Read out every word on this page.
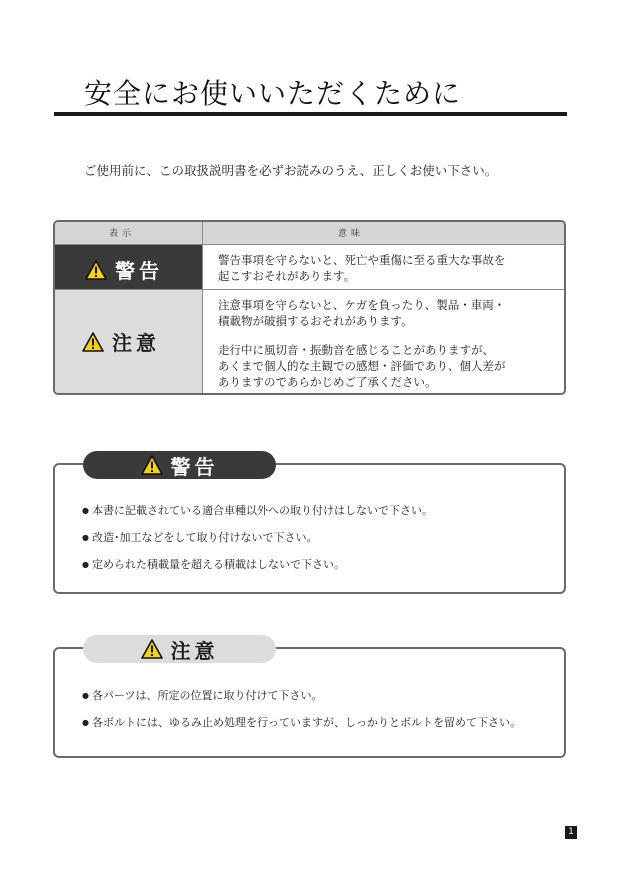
安全にお使いいただくために
ご使用前に、この取扱説明書を必ずお読みのうえ、正しくお使い下さい。
表示	意味
警告
注意

警告事項を守らないと、死亡や重傷に至る重大な事故を

起こすおそれがあります。

注意事項を守らないと、ケガを負ったり、製品・車両・

積載物が破損するおそれがあります。

走行中に風切音・振動音を感じることがありますが、

あくまで個人的な主観での感想・評価であり、個人差が

ありますのであらかじめご了承ください。

警告
● 本書に記載されている適合車種以外への取り付けはしないで下さい。
● 改造･加工などをして取り付けないで下さい。
● 定められた積載量を超える積載はしないで下さい。
注意
● 各パーツは、所定の位置に取り付けて下さい。
● 各ボルトには、ゆるみ止め処理を行っていますが、しっかりとボルトを留めて下さい。
1
